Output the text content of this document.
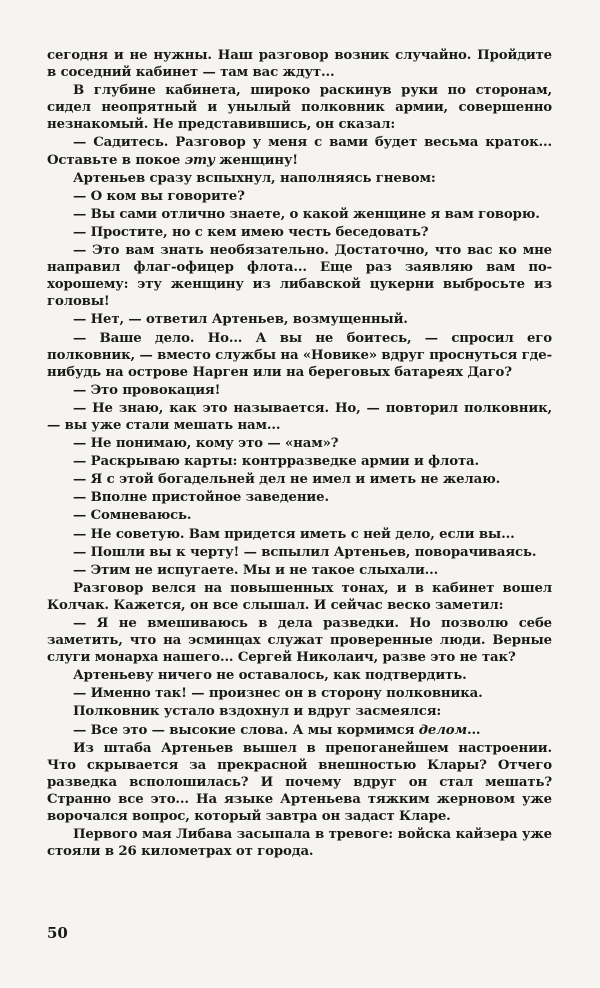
сегодня и не нужны. Наш разговор возник случайно. Пройдите в соседний кабинет — там вас ждут...

В глубине кабинета, широко раскинув руки по сторонам, сидел неопрятный и унылый полковник армии, совершенно незнакомый. Не представившись, он сказал:

— Садитесь. Разговор у меня с вами будет весьма краток... Оставьте в покое эту женщину!

Артеньев сразу вспыхнул, наполняясь гневом:

— О ком вы говорите?

— Вы сами отлично знаете, о какой женщине я вам говорю.

— Простите, но с кем имею честь беседовать?

— Это вам знать необязательно. Достаточно, что вас ко мне направил флаг-офицер флота... Еще раз заявляю вам по-хорошему: эту женщину из либавской цукерни выбросьте из головы!

— Нет, — ответил Артеньев, возмущенный.

— Ваше дело. Но... А вы не боитесь, — спросил его полковник, — вместо службы на «Новике» вдруг проснуться где-нибудь на острове Нарген или на береговых батареях Даго?

— Это провокация!

— Не знаю, как это называется. Но, — повторил полковник, — вы уже стали мешать нам...

— Не понимаю, кому это — «нам»?

— Раскрываю карты: контрразведке армии и флота.

— Я с этой богадельней дел не имел и иметь не желаю.

— Вполне пристойное заведение.

— Сомневаюсь.

— Не советую. Вам придется иметь с ней дело, если вы...

— Пошли вы к черту! — вспылил Артеньев, поворачиваясь.

— Этим не испугаете. Мы и не такое слыхали...

Разговор велся на повышенных тонах, и в кабинет вошел Колчак. Кажется, он все слышал. И сейчас веско заметил:

— Я не вмешиваюсь в дела разведки. Но позволю себе заметить, что на эсминцах служат проверенные люди. Верные слуги монарха нашего... Сергей Николаич, разве это не так?

Артеньеву ничего не оставалось, как подтвердить.

— Именно так! — произнес он в сторону полковника.

Полковник устало вздохнул и вдруг засмеялся:

— Все это — высокие слова. А мы кормимся делом...

Из штаба Артеньев вышел в препоганейшем настроении. Что скрывается за прекрасной внешностью Клары? Отчего разведка всполошилась? И почему вдруг он стал мешать? Странно все это... На языке Артеньева тяжким жерновом уже ворочался вопрос, который завтра он задаст Кларе.

Первого мая Либава засыпала в тревоге: войска кайзера уже стояли в 26 километрах от города.

50
